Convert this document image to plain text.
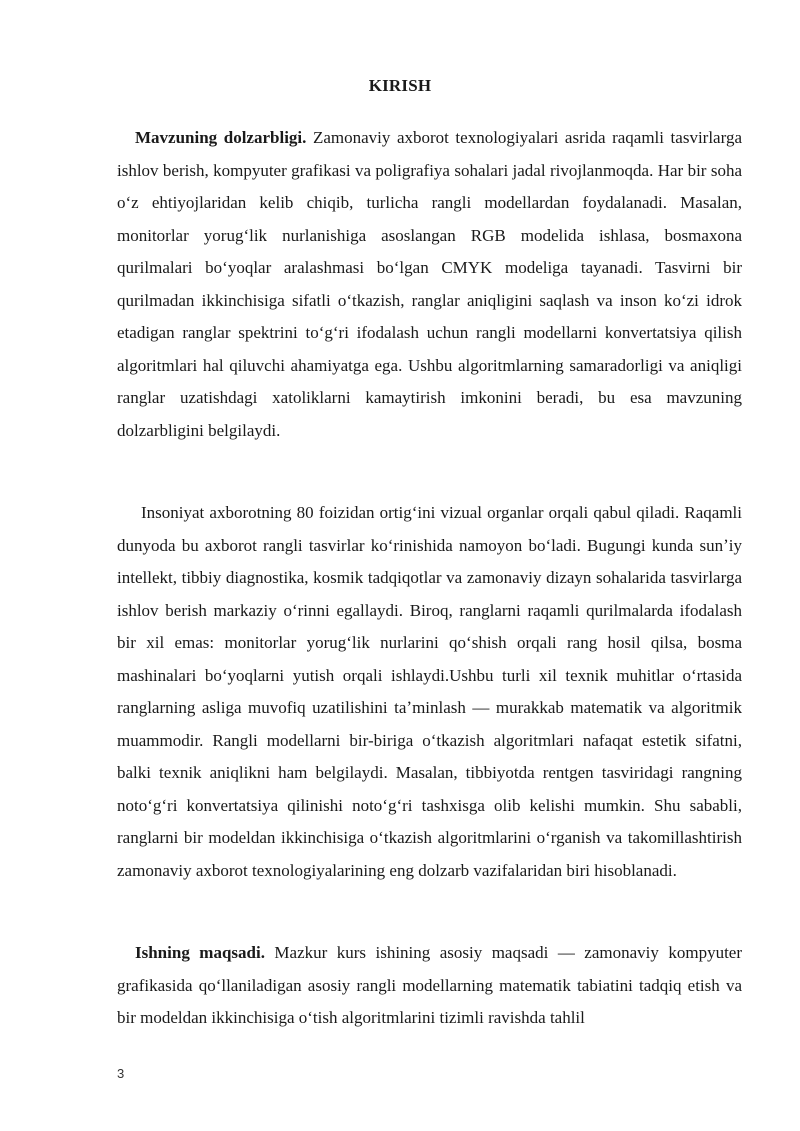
KIRISH

Mavzuning dolzarbligi. Zamonaviy axborot texnologiyalari asrida raqamli tasvirlarga ishlov berish, kompyuter grafikasi va poligrafiya sohalari jadal rivojlanmoqda. Har bir soha oʻz ehtiyojlaridan kelib chiqib, turlicha rangli modellardan foydalanadi. Masalan, monitorlar yorugʻlik nurlanishiga asoslangan RGB modelida ishlasa, bosmaxona qurilmalari boʻyoqlar aralashmasi boʻlgan CMYK modeliga tayanadi. Tasvirni bir qurilmadan ikkinchisiga sifatli oʻtkazish, ranglar aniqligini saqlash va inson koʻzi idrok etadigan ranglar spektrini toʻgʻri ifodalash uchun rangli modellarni konvertatsiya qilish algoritmlari hal qiluvchi ahamiyatga ega. Ushbu algoritmlarning samaradorligi va aniqligi ranglar uzatishdagi xatoliklarni kamaytirish imkonini beradi, bu esa mavzuning dolzarbligini belgilaydi.

Insoniyat axborotning 80 foizidan ortigʻini vizual organlar orqali qabul qiladi. Raqamli dunyoda bu axborot rangli tasvirlar koʻrinishida namoyon boʻladi. Bugungi kunda sunʼiy intellekt, tibbiy diagnostika, kosmik tadqiqotlar va zamonaviy dizayn sohalarida tasvirlarga ishlov berish markaziy oʻrinni egallaydi. Biroq, ranglarni raqamli qurilmalarda ifodalash bir xil emas: monitorlar yorugʻlik nurlarini qoʻshish orqali rang hosil qilsa, bosma mashinalari boʻyoqlarni yutish orqali ishlaydi.Ushbu turli xil texnik muhitlar oʻrtasida ranglarning asliga muvofiq uzatilishini taʼminlash — murakkab matematik va algoritmik muammodir. Rangli modellarni bir-biriga oʻtkazish algoritmlari nafaqat estetik sifatni, balki texnik aniqlikni ham belgilaydi. Masalan, tibbiyotda rentgen tasviridagi rangning notoʻgʻri konvertatsiya qilinishi notoʻgʻri tashxisga olib kelishi mumkin. Shu sababli, ranglarni bir modeldan ikkinchisiga oʻtkazish algoritmlarini oʻrganish va takomillashtirish zamonaviy axborot texnologiyalarining eng dolzarb vazifalaridan biri hisoblanadi.

Ishning maqsadi. Mazkur kurs ishining asosiy maqsadi — zamonaviy kompyuter grafikasida qoʻllaniladigan asosiy rangli modellarning matematik tabiatini tadqiq etish va bir modeldan ikkinchisiga oʻtish algoritmlarini tizimli ravishda tahlil

3
